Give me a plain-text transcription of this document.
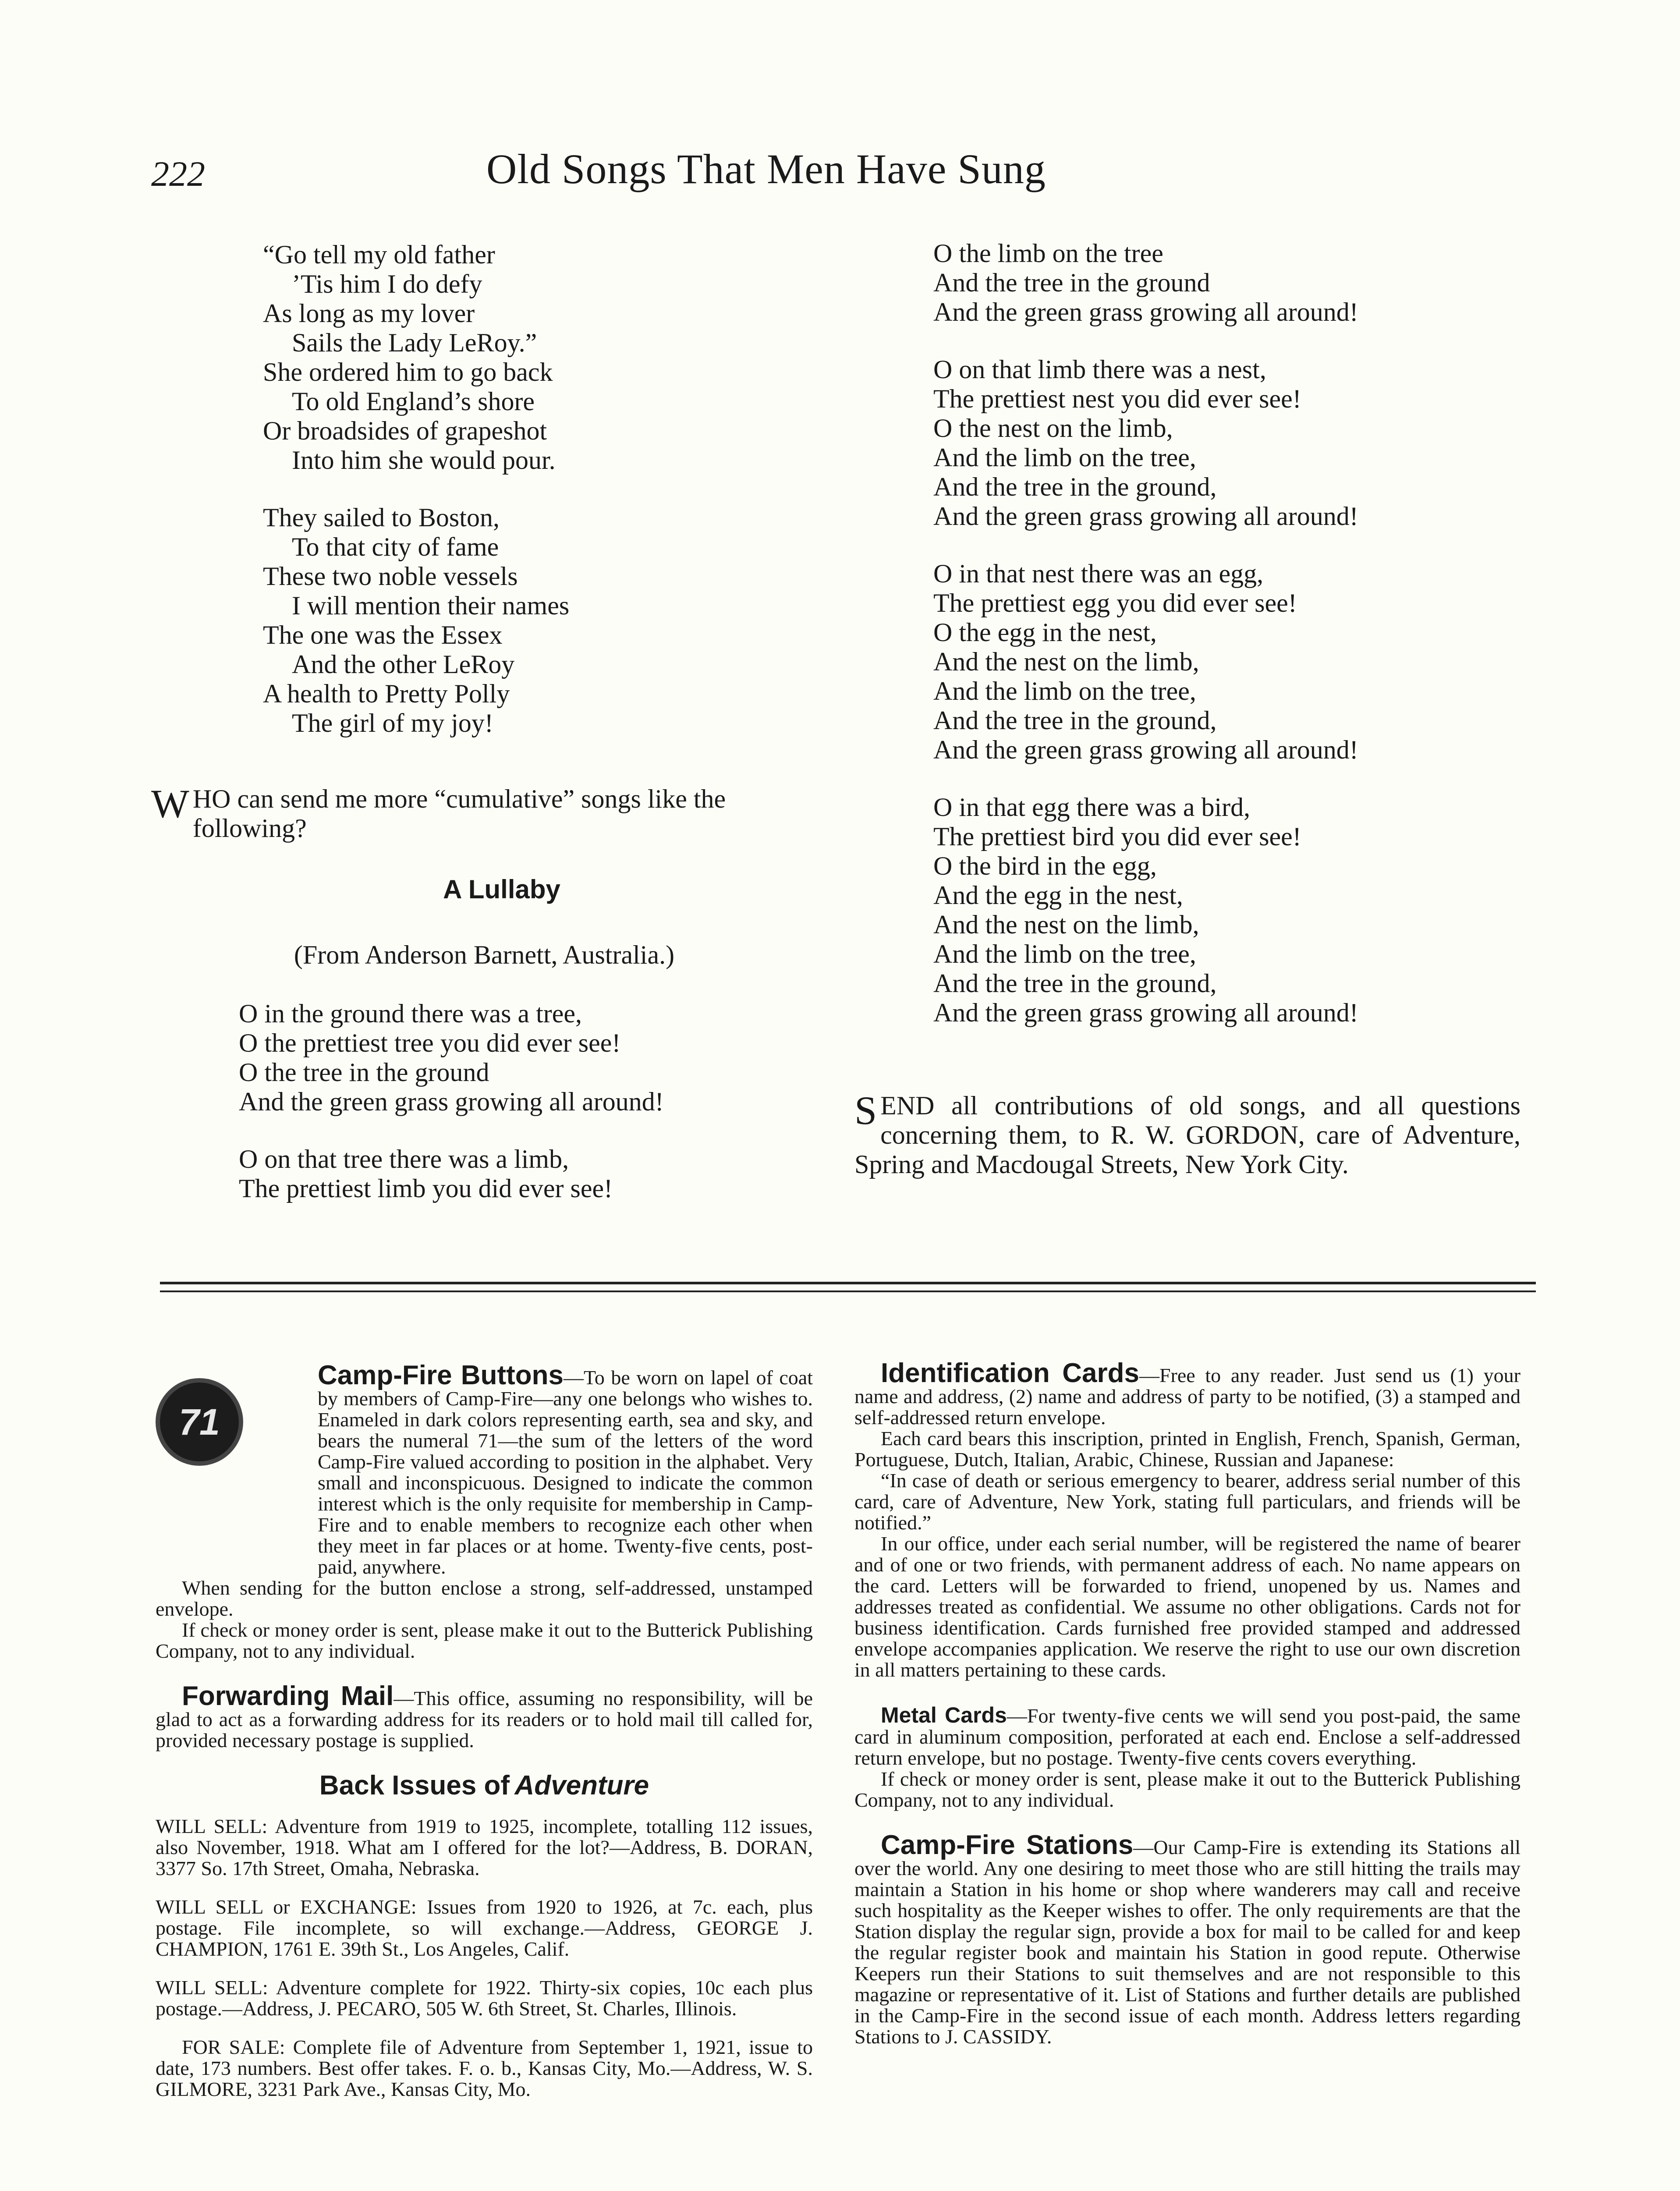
222	Old Songs That Men Have Sung
“Go tell my old father
’Tis him I do defy
As long as my lover
Sails the Lady LeRoy.”
She ordered him to go back
To old England’s shore
Or broadsides of grapeshot
Into him she would pour.
They sailed to Boston,
To that city of fame
These two noble vessels
I will mention their names
The one was the Essex
And the other LeRoy
A health to Pretty Polly
The girl of my joy!
W HO can send me more “cumulative” songs like the following?
A Lullaby
(From Anderson Barnett, Australia.)
O in the ground there was a tree,
O the prettiest tree you did ever see!
O the tree in the ground
And the green grass growing all around!
O on that tree there was a limb,
The prettiest limb you did ever see!
O the limb on the tree
And the tree in the ground
And the green grass growing all around!
O on that limb there was a nest,
The prettiest nest you did ever see!
O the nest on the limb,
And the limb on the tree,
And the tree in the ground,
And the green grass growing all around!
O in that nest there was an egg,
The prettiest egg you did ever see!
O the egg in the nest,
And the nest on the limb,
And the limb on the tree,
And the tree in the ground,
And the green grass growing all around!
O in that egg there was a bird,
The prettiest bird you did ever see!
O the bird in the egg,
And the egg in the nest,
And the nest on the limb,
And the limb on the tree,
And the tree in the ground,
And the green grass growing all around!
S END all contributions of old songs, and all questions concerning them, to R. W. GORDON, care of Adventure, Spring and Macdougal Streets, New York City.
71

Camp-Fire Buttons—To be worn on lapel of coat by members of Camp-Fire—any one belongs who wishes to. Enameled in dark colors representing earth, sea and sky, and bears the numeral 71—the sum of the letters of the word Camp-Fire valued according to position in the alphabet. Very small and inconspicuous. Designed to indicate the common interest which is the only requisite for membership in Camp-Fire and to enable members to recognize each other when they meet in far places or at home. Twenty-five cents, post-paid, anywhere.

When sending for the button enclose a strong, self-addressed, unstamped envelope.

If check or money order is sent, please make it out to the Butterick Publishing Company, not to any individual.

Forwarding Mail—This office, assuming no responsibility, will be glad to act as a forwarding address for its readers or to hold mail till called for, provided necessary postage is supplied.

Back Issues of Adventure

WILL SELL: Adventure from 1919 to 1925, incomplete, totalling 112 issues, also November, 1918. What am I offered for the lot?—Address, B. DORAN, 3377 So. 17th Street, Omaha, Nebraska.

WILL SELL or EXCHANGE: Issues from 1920 to 1926, at 7c. each, plus postage. File incomplete, so will exchange.—Address, GEORGE J. CHAMPION, 1761 E. 39th St., Los Angeles, Calif.

WILL SELL: Adventure complete for 1922. Thirty-six copies, 10c each plus postage.—Address, J. PECARO, 505 W. 6th Street, St. Charles, Illinois.

FOR SALE: Complete file of Adventure from September 1, 1921, issue to date, 173 numbers. Best offer takes. F. o. b., Kansas City, Mo.—Address, W. S. GILMORE, 3231 Park Ave., Kansas City, Mo.

Identification Cards—Free to any reader. Just send us (1) your name and address, (2) name and address of party to be notified, (3) a stamped and self-addressed return envelope.

Each card bears this inscription, printed in English, French, Spanish, German, Portuguese, Dutch, Italian, Arabic, Chinese, Russian and Japanese:

“In case of death or serious emergency to bearer, address serial number of this card, care of Adventure, New York, stating full particulars, and friends will be notified.”

In our office, under each serial number, will be registered the name of bearer and of one or two friends, with permanent address of each. No name appears on the card. Letters will be forwarded to friend, unopened by us. Names and addresses treated as confidential. We assume no other obligations. Cards not for business identification. Cards furnished free provided stamped and addressed envelope accompanies application. We reserve the right to use our own discretion in all matters pertaining to these cards.

Metal Cards—For twenty-five cents we will send you post-paid, the same card in aluminum composition, perforated at each end. Enclose a self-addressed return envelope, but no postage. Twenty-five cents covers everything.

If check or money order is sent, please make it out to the Butterick Publishing Company, not to any individual.

Camp-Fire Stations—Our Camp-Fire is extending its Stations all over the world. Any one desiring to meet those who are still hitting the trails may maintain a Station in his home or shop where wanderers may call and receive such hospitality as the Keeper wishes to offer. The only requirements are that the Station display the regular sign, provide a box for mail to be called for and keep the regular register book and maintain his Station in good repute. Otherwise Keepers run their Stations to suit themselves and are not responsible to this magazine or representative of it. List of Stations and further details are published in the Camp-Fire in the second issue of each month. Address letters regarding Stations to J. CASSIDY.
